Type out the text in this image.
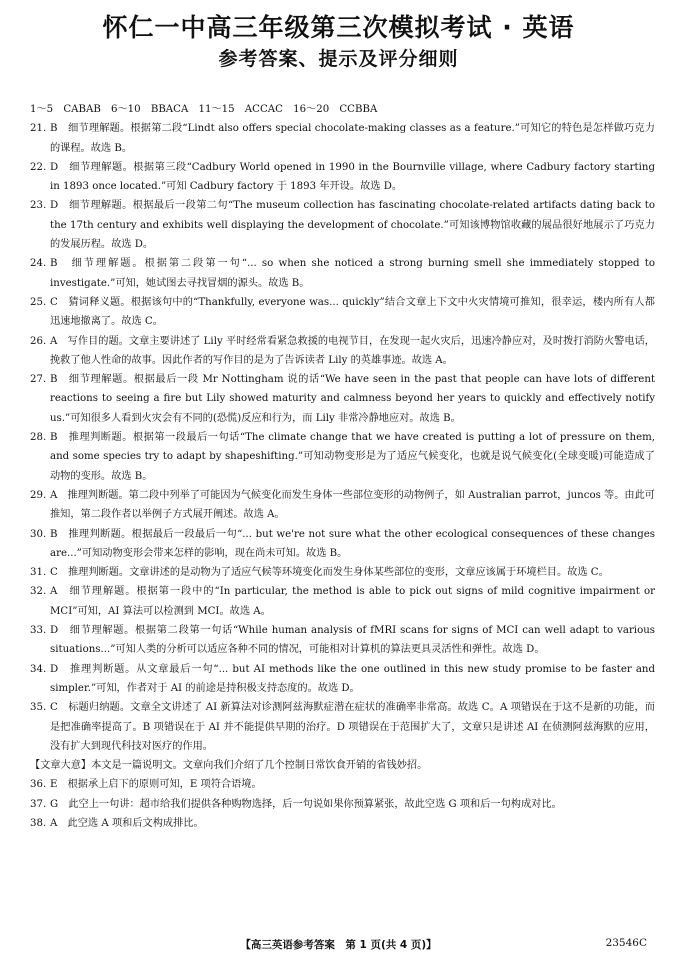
怀仁一中高三年级第三次模拟考试 · 英语
参考答案、提示及评分细则

1～5　CABAB　6～10　BBACA　11～15　ACCAC　16～20　CCBBA

21. B　细节理解题。根据第二段“Lindt also offers special chocolate-making classes as a feature.”可知它的特色是怎样做巧克力的课程。故选 B。

22. D　细节理解题。根据第三段“Cadbury World opened in 1990 in the Bournville village, where Cadbury factory starting in 1893 once located.”可知 Cadbury factory 于 1893 年开设。故选 D。

23. D　细节理解题。根据最后一段第二句“The museum collection has fascinating chocolate-related artifacts dating back to the 17th century and exhibits well displaying the development of chocolate.”可知该博物馆收藏的展品很好地展示了巧克力的发展历程。故选 D。

24. B　细节理解题。根据第二段第一句“... so when she noticed a strong burning smell she immediately stopped to investigate.”可知，她试图去寻找冒烟的源头。故选 B。

25. C　猜词释义题。根据该句中的“Thankfully, everyone was... quickly”结合文章上下文中火灾情境可推知，很幸运，楼内所有人都迅速地撤离了。故选 C。

26. A　写作目的题。文章主要讲述了 Lily 平时经常看紧急救援的电视节目，在发现一起火灾后，迅速冷静应对，及时拨打消防火警电话，挽救了他人性命的故事。因此作者的写作目的是为了告诉读者 Lily 的英雄事迹。故选 A。

27. B　细节理解题。根据最后一段 Mr Nottingham 说的话“We have seen in the past that people can have lots of different reactions to seeing a fire but Lily showed maturity and calmness beyond her years to quickly and effectively notify us.”可知很多人看到火灾会有不同的(恐慌)反应和行为，而 Lily 非常冷静地应对。故选 B。

28. B　推理判断题。根据第一段最后一句话“The climate change that we have created is putting a lot of pressure on them, and some species try to adapt by shapeshifting.”可知动物变形是为了适应气候变化，也就是说气候变化(全球变暖)可能造成了动物的变形。故选 B。

29. A　推理判断题。第二段中列举了可能因为气候变化而发生身体一些部位变形的动物例子，如 Australian parrot，juncos 等。由此可推知，第二段作者以举例子方式展开阐述。故选 A。

30. B　推理判断题。根据最后一段最后一句“... but we're not sure what the other ecological consequences of these changes are...”可知动物变形会带来怎样的影响，现在尚未可知。故选 B。

31. C　推理判断题。文章讲述的是动物为了适应气候等环境变化而发生身体某些部位的变形，文章应该属于环境栏目。故选 C。

32. A　细节理解题。根据第一段中的“In particular, the method is able to pick out signs of mild cognitive impairment or MCI”可知，AI 算法可以检测到 MCI。故选 A。

33. D　细节理解题。根据第二段第一句话“While human analysis of fMRI scans for signs of MCI can well adapt to various situations...”可知人类的分析可以适应各种不同的情况，可能相对计算机的算法更具灵活性和弹性。故选 D。

34. D　推理判断题。从文章最后一句“... but AI methods like the one outlined in this new study promise to be faster and simpler.”可知，作者对于 AI 的前途是持积极支持态度的。故选 D。

35. C　标题归纳题。文章全文讲述了 AI 新算法对诊测阿兹海默症潜在症状的准确率非常高。故选 C。A 项错误在于这不是新的功能，而是把准确率提高了。B 项错误在于 AI 并不能提供早期的治疗。D 项错误在于范围扩大了，文章只是讲述 AI 在侦测阿兹海默的应用，没有扩大到现代科技对医疗的作用。

【文章大意】本文是一篇说明文。文章向我们介绍了几个控制日常饮食开销的省钱妙招。

36. E　根据承上启下的原则可知，E 项符合语境。

37. G　此空上一句讲：超市给我们提供各种购物选择，后一句说如果你预算紧张，故此空选 G 项和后一句构成对比。

38. A　此空选 A 项和后文构成排比。

【高三英语参考答案　第 1 页(共 4 页)】	23546C
